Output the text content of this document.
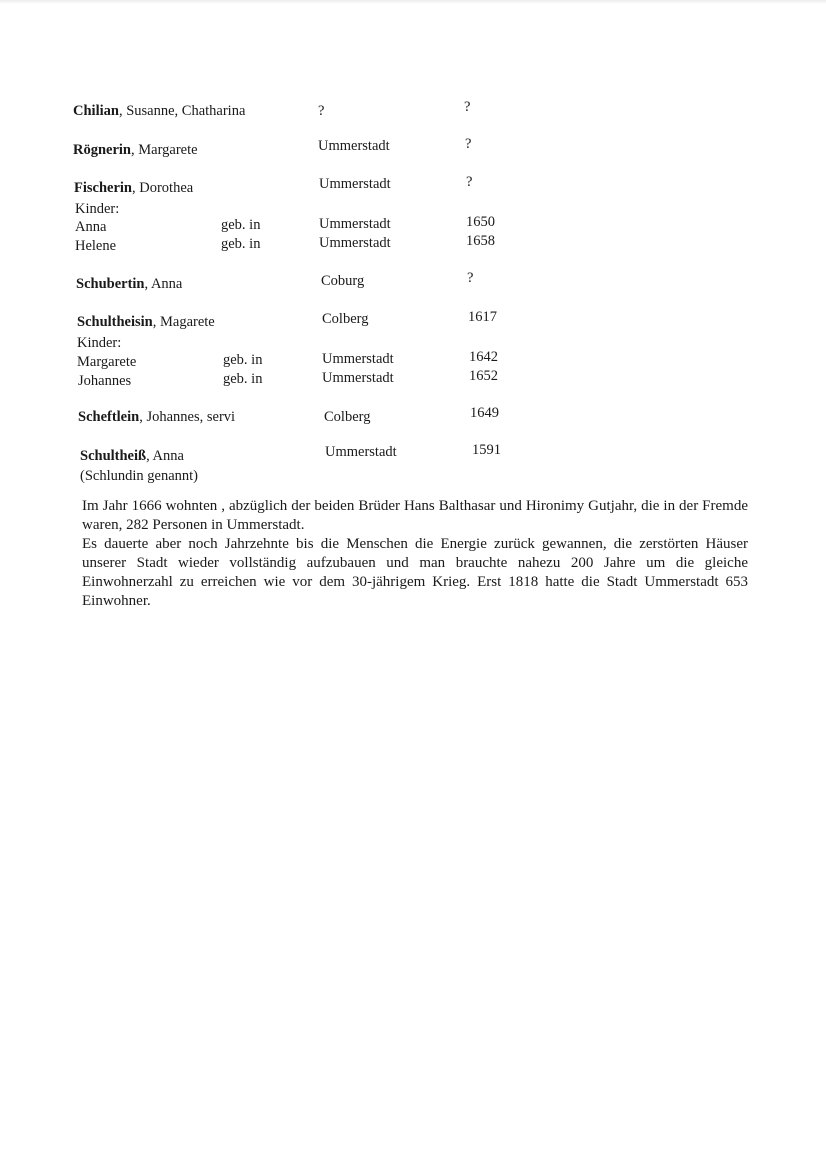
Chilian, Susanne, Chatharina	?	?
Rögnerin, Margarete	Ummerstadt	?
Fischerin, Dorothea	Ummerstadt	?
Kinder:
Anna	geb. in	Ummerstadt	1650
Helene	geb. in	Ummerstadt	1658
Schubertin, Anna	Coburg	?
Schultheisin, Magarete	Colberg	1617
Kinder:
Margarete	geb. in	Ummerstadt	1642
Johannes	geb. in	Ummerstadt	1652
Scheftlein, Johannes, servi	Colberg	1649
Schultheiß, Anna	Ummerstadt	1591
(Schlundin genannt)

Im Jahr 1666 wohnten , abzüglich der beiden Brüder Hans Balthasar und Hironimy Gutjahr, die in der Fremde waren, 282 Personen in Ummerstadt.

Es dauerte aber noch Jahrzehnte bis die Menschen die Energie zurück gewannen, die zerstörten Häuser unserer Stadt wieder vollständig aufzubauen und man brauchte nahezu 200 Jahre um die gleiche Einwohnerzahl zu erreichen wie vor dem 30-jährigem Krieg. Erst 1818 hatte die Stadt Ummerstadt 653 Einwohner.
